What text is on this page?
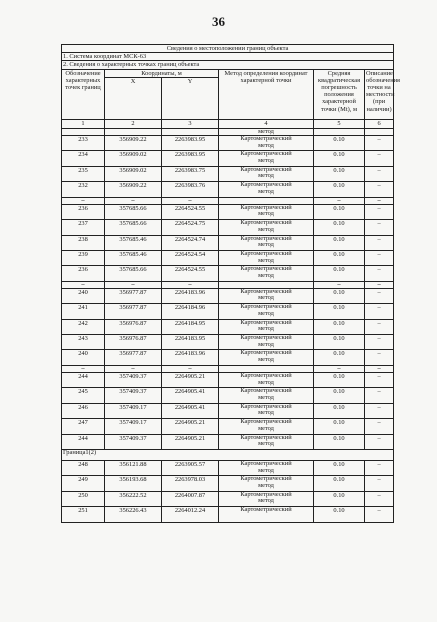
36
Сведения о местоположении границ объекта					
1. Система координат МСК-63					
2. Сведения о характерных точках границ объекта					
Обозначение характерных точек границ	Координаты, м		Метод определения координат характерной точки	Средняя квадратическая погрешность положения характерной точки (Mt), м	Описание обозначения точки на местности (при наличии)
	X	Y			
1	2	3	4	5	6
			метод		
233	356909.22	2263983.95	Картометрический
метод	0.10	–
234	356909.02	2263983.95	Картометрический
метод	0.10	–
235	356909.02	2263983.75	Картометрический
метод	0.10	–
232	356909.22	2263983.76	Картометрический
метод	0.10	–
–	–	–		–	–
236	357685.66	2264524.55	Картометрический
метод	0.10	–
237	357685.66	2264524.75	Картометрический
метод	0.10	–
238	357685.46	2264524.74	Картометрический
метод	0.10	–
239	357685.46	2264524.54	Картометрический
метод	0.10	–
236	357685.66	2264524.55	Картометрический
метод	0.10	–
–	–	–		–	–
240	356977.87	2264183.96	Картометрический
метод	0.10	–
241	356977.87	2264184.96	Картометрический
метод	0.10	–
242	356976.87	2264184.95	Картометрический
метод	0.10	–
243	356976.87	2264183.95	Картометрический
метод	0.10	–
240	356977.87	2264183.96	Картометрический
метод	0.10	–
–	–	–		–	–
244	357409.37	2264905.21	Картометрический
метод	0.10	–
245	357409.37	2264905.41	Картометрический
метод	0.10	–
246	357409.17	2264905.41	Картометрический
метод	0.10	–
247	357409.17	2264905.21	Картометрический
метод	0.10	–
244	357409.37	2264905.21	Картометрический
метод	0.10	–
Граница1(2)					
248	356121.88	2263905.57	Картометрический
метод	0.10	–
249	356193.68	2263978.03	Картометрический
метод	0.10	–
250	356222.52	2264007.87	Картометрический
метод	0.10	–
251	356226.43	2264012.24	Картометрический	0.10	–
